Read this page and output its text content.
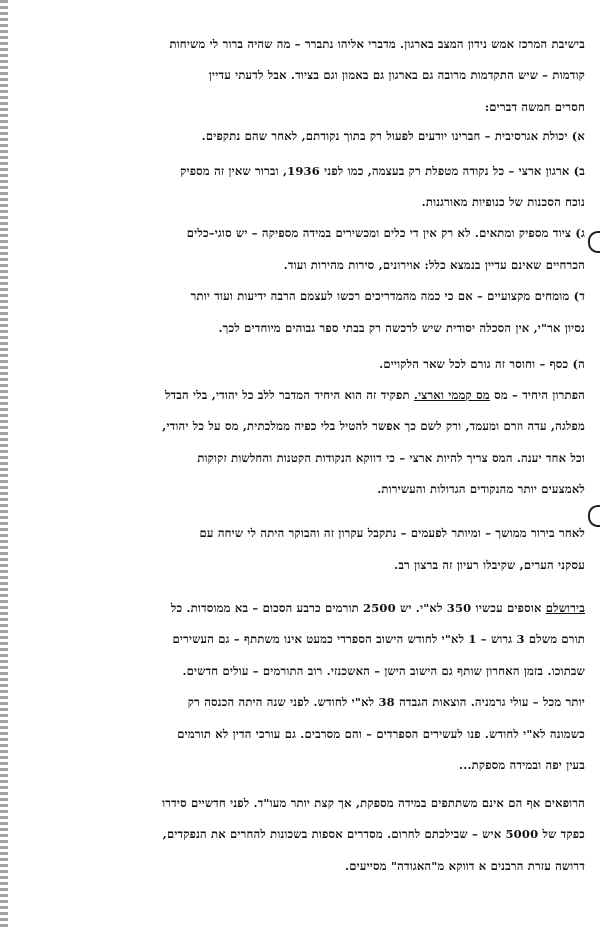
בישיבת המרכז אמש נידון המצב בארגון. מדברי אליהו נתברר – מה שהיה ברור לי משיחות
קודמות – שיש התקדמות מרובה גם בארגון גם באמון וגם בציוד. אבל לדעתי עדיין
חסרים חמשה דברים:
א) יכולת אגרסיבית – חברינו יודעים לפעול רק בתוך נקודתם, לאחר שהם נתקפים.
ב) ארגון ארצי – כל נקודה מטפלת רק בעצמה, כמו לפני 1936, וברור שאין זה מספיק
נוכח הסכנות של כנופיות מאורגנות.
ג) ציוד מספיק ומתאים. לא רק אין די כלים ומכשירים במידה מספיקה – יש סוגי–כלים
הכרחיים שאינם עדיין בנמצא כלל: אוירונים, סירות מהירות ועוד.
ד) מומחים מקצועיים – אם כי כמה מהמדריכים רכשו לעצמם הרבה ידיעות ועוד יותר
נסיון אר"י, אין הסכלה יסודית שיש לרכשה רק בבתי ספר גבוהים מיוחדים לכך.
ה) כסף – וחוסר זה גורם לכל שאר הלקויים.
הפתרון היחיד – מס מס קממי וארצי. תפקיד זה הוא היחיד המדבר ללב כל יהודי, בלי הבדל
מפלגה, עדה וזרם ומעמד, ורק לשם כך אפשר להטיל בלי כפיה ממלכתית, מס על כל יהודי,
וכל אחד יענה. המס צריך להיות ארצי – כי דווקא הנקודות הקטנות והחלשות זקוקות
לאמצעים יותר מהנקודים הגדולות והעשירות.
לאחר בירור ממושך – ומיותר לפעמים – נתקבל עקרון זה והבוקר היתה לי שיחה עם
עסקני הערים, שקיבלו רעיון זה ברצון רב.
בירושלם אוספים עכשיו 350 לא"י. יש 2500 תורמים כרבע הסכום – בא ממוסדות. כל
תורם משלם 3 גרוש – 1 לא"י לחודש הישוב הספרדי כמעט אינו משתתף – גם העשירים
שבתוכו. בזמן האחרון שותף גם הישוב הישן – האשכנזי. רוב התורמים – עולים חדשים.
יותר מכל – עולי גרמניה. הוצאות הגבדה 38 לא"י לחודש. לפני שנה היתה הכנסה רק
כשמונה לא"י לחודש. פנו לעשירים הספרדים – והם מסרבים. גם עורכי הדין לא תורמים
בעין יפה ובמידה מספקת...
הרופאים אף הם אינם משתתפים במידה מספקת, אך קצת יותר מעו"ד. לפני חדשיים סידרו
כפקד של 5000 איש – שבילכתם לחרום. מסדרים אספות בשכונות להחרים את הנפקדים,
דרושה עזרת הרבנים א דווקא מ"האגודה" מסייעים.
